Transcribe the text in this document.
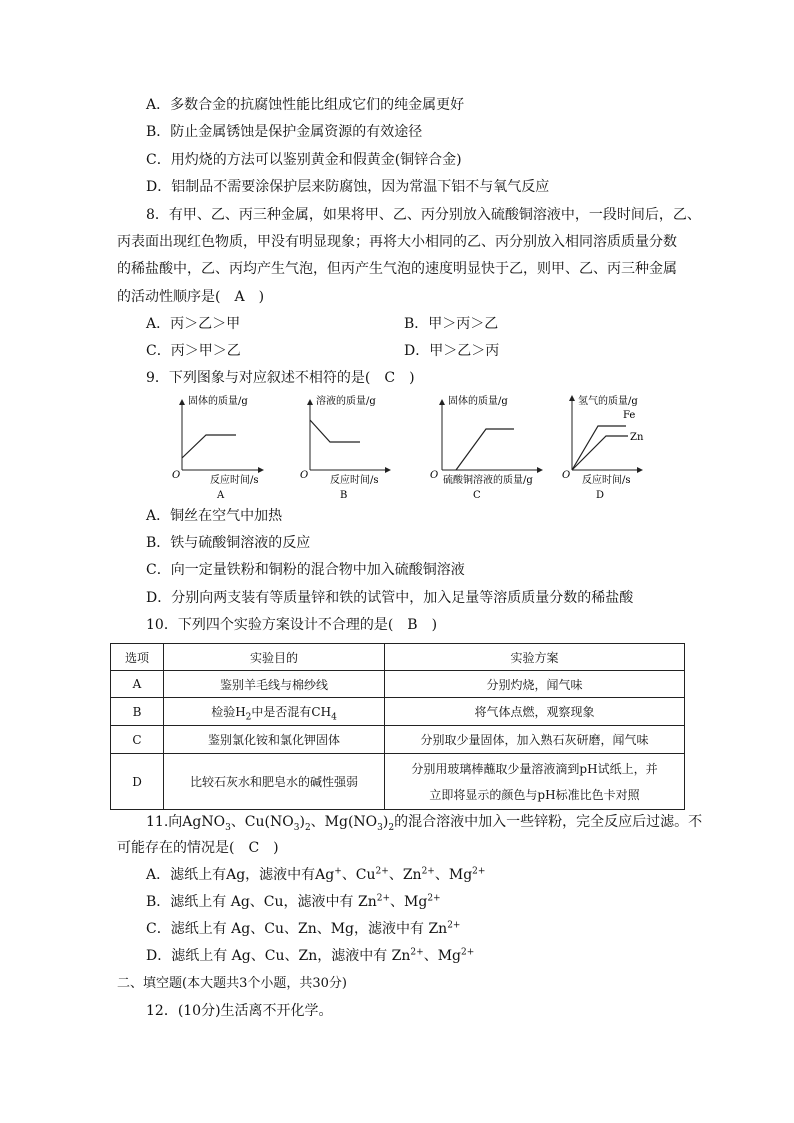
A．多数合金的抗腐蚀性能比组成它们的纯金属更好
B．防止金属锈蚀是保护金属资源的有效途径
C．用灼烧的方法可以鉴别黄金和假黄金(铜锌合金)
D．铝制品不需要涂保护层来防腐蚀，因为常温下铝不与氧气反应
8．有甲、乙、丙三种金属，如果将甲、乙、丙分别放入硫酸铜溶液中，一段时间后，乙、
丙表面出现红色物质，甲没有明显现象；再将大小相同的乙、丙分别放入相同溶质质量分数
的稀盐酸中，乙、丙均产生气泡，但丙产生气泡的速度明显快于乙，则甲、乙、丙三种金属
的活动性顺序是(　A　)
A．丙＞乙＞甲	B．甲＞丙＞乙
C．丙＞甲＞乙	D．甲＞乙＞丙
9．下列图象与对应叙述不相符的是(　C　)
固体的质量/g
O	反应时间/s
A
溶液的质量/g
O 反应时间/s
B
固体的质量/g
O 硫酸铜溶液的质量/g
C
氢气的质量/g
Fe
Zn
O 反应时间/s
D
A．铜丝在空气中加热
B．铁与硫酸铜溶液的反应
C．向一定量铁粉和铜粉的混合物中加入硫酸铜溶液
D．分别向两支装有等质量锌和铁的试管中，加入足量等溶质质量分数的稀盐酸
10．下列四个实验方案设计不合理的是(　B　)
选项	实验目的	实验方案
A	鉴别羊毛线与棉纱线	分别灼烧，闻气味
B	检验$H_2$中是否混有$CH_4$	将气体点燃，观察现象
C	鉴别氯化铵和氯化钾固体	分别取少量固体，加入熟石灰研磨，闻气味
D	比较石灰水和肥皂水的碱性强弱	分别用玻璃棒蘸取少量溶液滴到pH试纸上，并
立即将显示的颜色与pH标准比色卡对照
11.向AgNO$_3$、$Cu(NO_3)_2$、$Mg(NO_3)_2$的混合溶液中加入一些锌粉，完全反应后过滤。不
可能存在的情况是(　C　)
A．滤纸上有Ag，滤液中有Ag+、$Cu^{2+}$、$Zn^{2+}$、$Mg^{2+}$
B．滤纸上有 Ag、Cu，滤液中有 $Zn^{2+}$、$Mg^{2+}$
C．滤纸上有 Ag、Cu、Zn、Mg，滤液中有 $Zn^{2+}$
D．滤纸上有 Ag、Cu、Zn，滤液中有 $Zn^{2+}$、$Mg^{2+}$
二、填空题(本大题共3个小题，共30分)
12．(10分)生活离不开化学。
